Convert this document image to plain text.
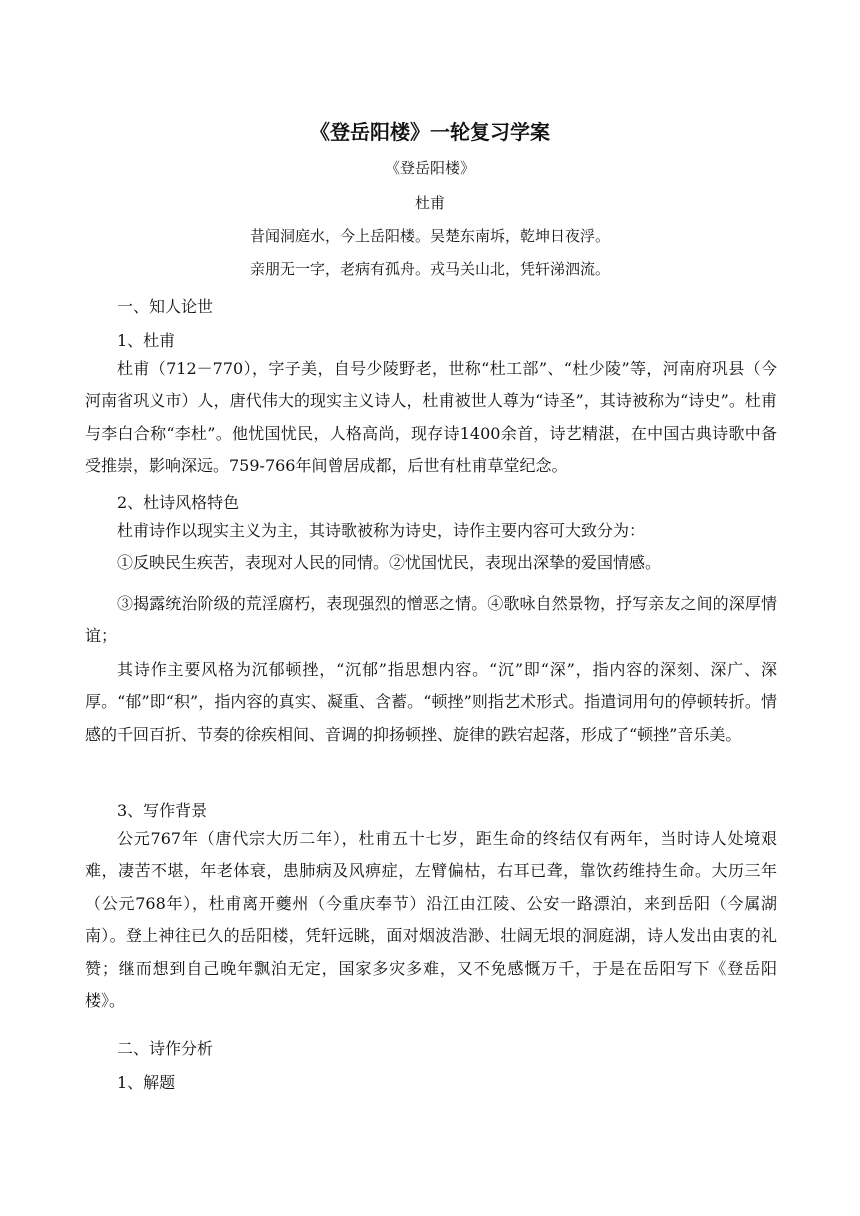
《登岳阳楼》一轮复习学案
《登岳阳楼》
杜甫
昔闻洞庭水，今上岳阳楼。吴楚东南坼，乾坤日夜浮。
亲朋无一字，老病有孤舟。戎马关山北，凭轩涕泗流。
一、知人论世
1、杜甫

杜甫（712－770），字子美，自号少陵野老，世称“杜工部”、“杜少陵”等，河南府巩县（今河南省巩义市）人，唐代伟大的现实主义诗人，杜甫被世人尊为“诗圣”，其诗被称为“诗史”。杜甫与李白合称“李杜”。他忧国忧民，人格高尚，现存诗1400余首，诗艺精湛，在中国古典诗歌中备受推崇，影响深远。759-766年间曾居成都，后世有杜甫草堂纪念。

2、杜诗风格特色

杜甫诗作以现实主义为主，其诗歌被称为诗史，诗作主要内容可大致分为：

①反映民生疾苦，表现对人民的同情。②忧国忧民，表现出深挚的爱国情感。

③揭露统治阶级的荒淫腐朽，表现强烈的憎恶之情。④歌咏自然景物，抒写亲友之间的深厚情谊；

其诗作主要风格为沉郁顿挫，“沉郁”指思想内容。“沉”即“深”，指内容的深刻、深广、深厚。“郁”即“积”，指内容的真实、凝重、含蓄。“顿挫”则指艺术形式。指遣词用句的停顿转折。情感的千回百折、节奏的徐疾相间、音调的抑扬顿挫、旋律的跌宕起落，形成了“顿挫”音乐美。

3、写作背景

公元767年（唐代宗大历二年），杜甫五十七岁，距生命的终结仅有两年，当时诗人处境艰难，凄苦不堪，年老体衰，患肺病及风痹症，左臂偏枯，右耳已聋，靠饮药维持生命。大历三年（公元768年），杜甫离开夔州（今重庆奉节）沿江由江陵、公安一路漂泊，来到岳阳（今属湖南）。登上神往已久的岳阳楼，凭轩远眺，面对烟波浩渺、壮阔无垠的洞庭湖，诗人发出由衷的礼赞；继而想到自己晚年飘泊无定，国家多灾多难，又不免感慨万千，于是在岳阳写下《登岳阳楼》。

二、诗作分析
1、解题
